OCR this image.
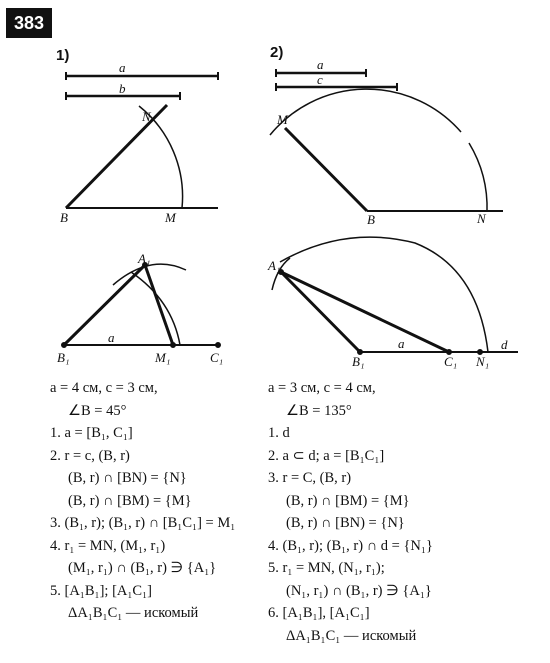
383
1)	2)
a
b
N
B	M
A₁
a
B₁	M₁	C₁
a
c
M
B	N
A₁
a
B₁	C₁ N₁
d
a = 4 см, c = 3 см,
∠B = 45°
1. a = [B₁, C₁]
2. r = c, (B, r)
(B, r) ∩ [BN) = {N}
(B, r) ∩ [BM) = {M}
3. (B₁, r); (B₁, r) ∩ [B₁C₁] = M₁
4. r₁ = MN, (M₁, r₁)
(M₁, r₁) ∩ (B₁, r) ∋ {A₁}
5. [A₁B₁]; [A₁C₁]
ΔA₁B₁C₁ — искомый
a = 3 см, c = 4 см,
∠B = 135°
1. d
2. a ⊂ d; a = [B₁C₁]
3. r = C, (B, r)
(B, r) ∩ [BM) = {M}
(B, r) ∩ [BN) = {N}
4. (B₁, r); (B₁, r) ∩ d = {N₁}
5. r₁ = MN, (N₁, r₁);
(N₁, r₁) ∩ (B₁, r) ∋ {A₁}
6. [A₁B₁], [A₁C₁]
ΔA₁B₁C₁ — искомый
